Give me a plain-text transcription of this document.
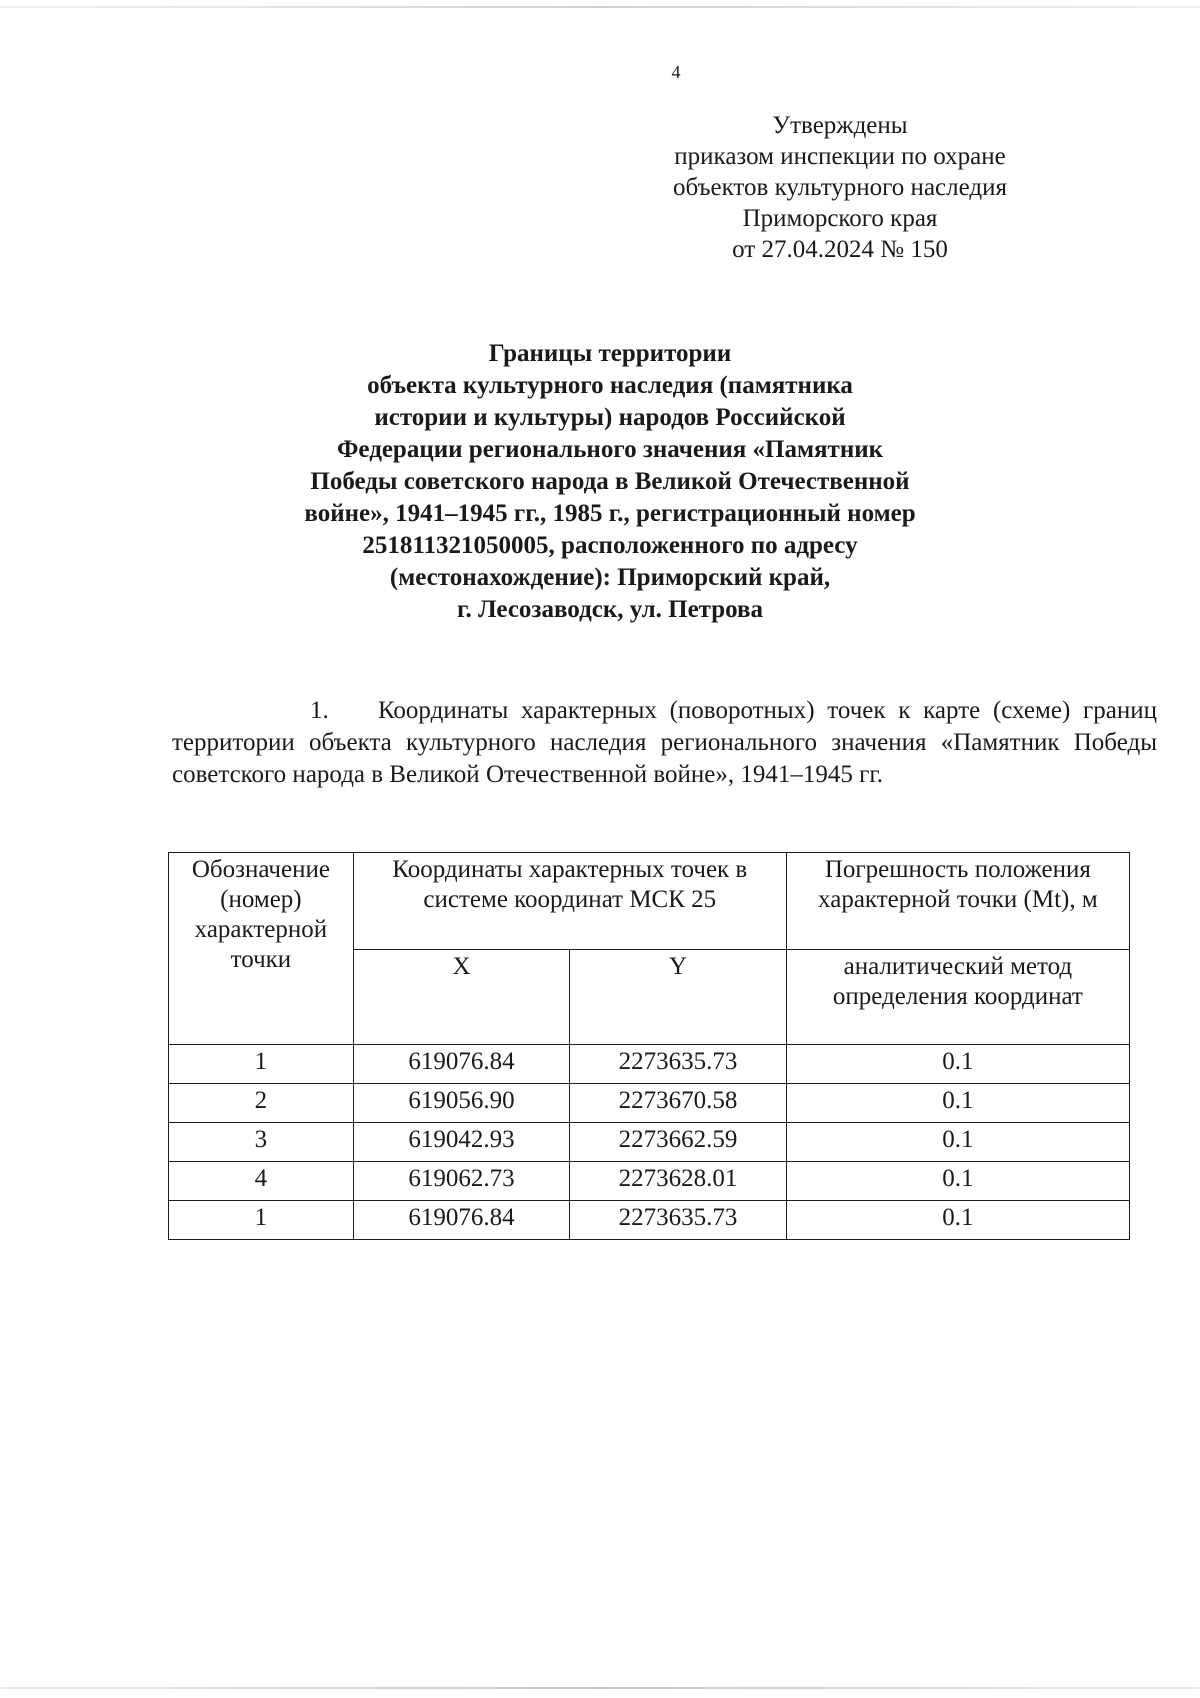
4
Утверждены
приказом инспекции по охране
объектов культурного наследия
Приморского края
от 27.04.2024 № 150
Границы территории
объекта культурного наследия (памятника
истории и культуры) народов Российской
Федерации регионального значения «Памятник
Победы советского народа в Великой Отечественной
войне», 1941–1945 гг., 1985 г., регистрационный номер
251811321050005, расположенного по адресу
(местонахождение): Приморский край,
г. Лесозаводск, ул. Петрова
1. Координаты характерных (поворотных) точек к карте (схеме) границ территории объекта культурного наследия регионального значения «Памятник Победы советского народа в Великой Отечественной войне», 1941–1945 гг.
Обозначение (номер) характерной точки	Координаты характерных точек в системе координат МСК 25		Погрешность положения характерной точки (Mt), м
	X	Y	аналитический метод определения координат
1	619076.84	2273635.73	0.1
2	619056.90	2273670.58	0.1
3	619042.93	2273662.59	0.1
4	619062.73	2273628.01	0.1
1	619076.84	2273635.73	0.1
